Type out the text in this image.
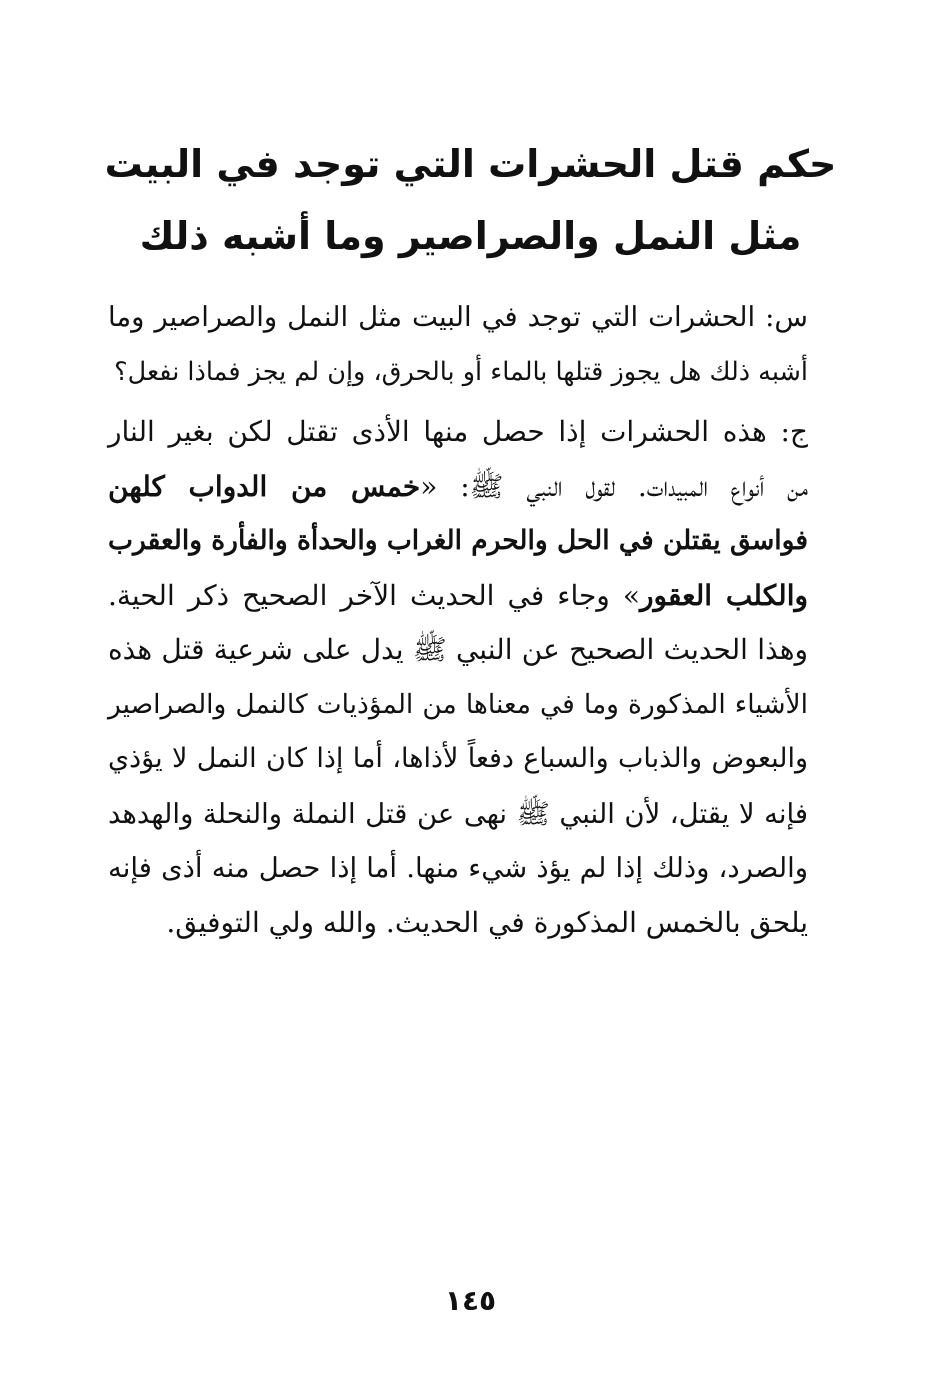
حكم قتل الحشرات التي توجد في البيت
مثل النمل والصراصير وما أشبه ذلك

س: الحشرات التي توجد في البيت مثل النمل والصراصير وما
أشبه ذلك هل يجوز قتلها بالماء أو بالحرق، وإن لم يجز فماذا نفعل؟

ج: هذه الحشرات إذا حصل منها الأذى تقتل لكن بغير النار
من أنواع المبيدات. لقول النبي ﷺ: «خمس من الدواب كلهن
فواسق يقتلن في الحل والحرم الغراب والحدأة والفأرة والعقرب
والكلب العقور» وجاء في الحديث الآخر الصحيح ذكر الحية.
وهذا الحديث الصحيح عن النبي ﷺ يدل على شرعية قتل هذه
الأشياء المذكورة وما في معناها من المؤذيات كالنمل والصراصير
والبعوض والذباب والسباع دفعاً لأذاها، أما إذا كان النمل لا يؤذي
فإنه لا يقتل، لأن النبي ﷺ نهى عن قتل النملة والنحلة والهدهد
والصرد، وذلك إذا لم يؤذ شيء منها. أما إذا حصل منه أذى فإنه
يلحق بالخمس المذكورة في الحديث. والله ولي التوفيق.

١٤٥
